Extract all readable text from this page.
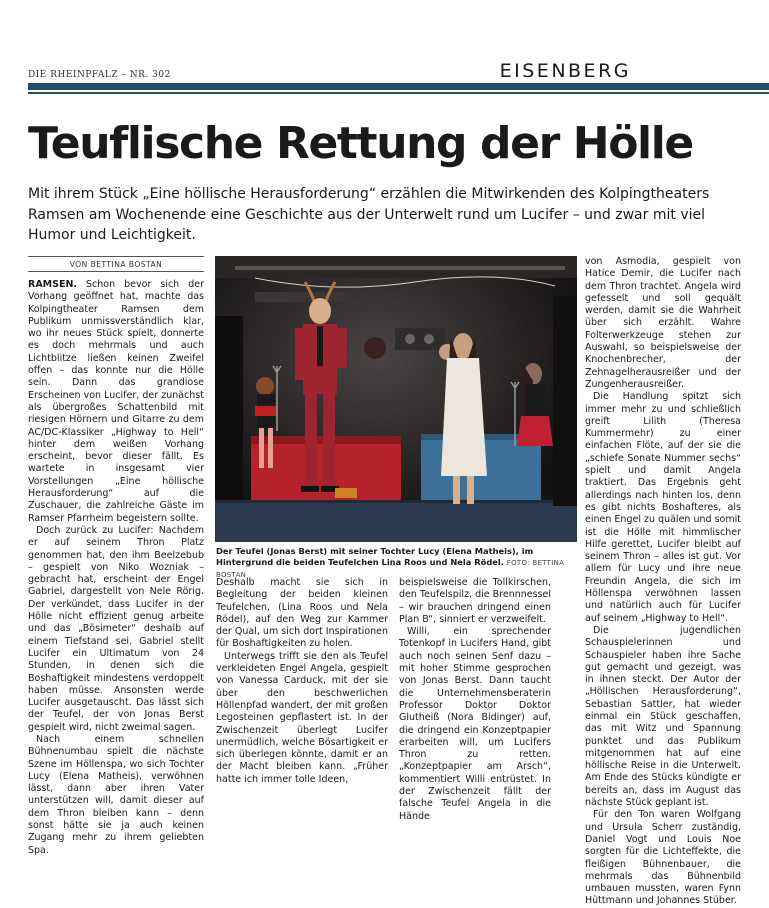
DIE RHEINPFALZ – NR. 302	EISENBERG
Teuflische Rettung der Hölle
Mit ihrem Stück „Eine höllische Herausforderung“ erzählen die Mitwirkenden des Kolpingtheaters Ramsen am Wochenende eine Geschichte aus der Unterwelt rund um Lucifer – und zwar mit viel Humor und Leichtigkeit.
VON BETTINA BOSTAN

RAMSEN. Schon bevor sich der Vorhang geöffnet hat, machte das Kolpingtheater Ramsen dem Publikum unmissverständlich klar, wo ihr neues Stück spielt, donnerte es doch mehrmals und auch Lichtblitze ließen keinen Zweifel offen – das konnte nur die Hölle sein. Dann das grandiose Erscheinen von Lucifer, der zunächst als übergroßes Schattenbild mit riesigen Hörnern und Gitarre zu dem AC/DC-Klassiker „Highway to Hell“ hinter dem weißen Vorhang erscheint, bevor dieser fällt. Es wartete in insgesamt vier Vorstellungen „Eine höllische Herausforderung“ auf die Zuschauer, die zahlreiche Gäste im Ramser Pfarrheim begeistern sollte.

Doch zurück zu Lucifer: Nachdem er auf seinem Thron Platz genommen hat, den ihm Beelzebub – gespielt von Niko Wozniak – gebracht hat, erscheint der Engel Gabriel, dargestellt von Nele Rörig. Der verkündet, dass Lucifer in der Hölle nicht effizient genug arbeite und das „Bösimeter“ deshalb auf einem Tiefstand sei. Gabriel stellt Lucifer ein Ultimatum von 24 Stunden, in denen sich die Boshaftigkeit mindestens verdoppelt haben müsse. Ansonsten werde Lucifer ausgetauscht. Das lässt sich der Teufel, der von Jonas Berst gespielt wird, nicht zweimal sagen.

Nach einem schnellen Bühnenumbau spielt die nächste Szene im Höllenspa, wo sich Tochter Lucy (Elena Matheis), verwöhnen lässt, dann aber ihren Vater unterstützen will, damit dieser auf dem Thron bleiben kann – denn sonst hätte sie ja auch keinen Zugang mehr zu ihrem geliebten Spa.

Der Teufel (Jonas Berst) mit seiner Tochter Lucy (Elena Matheis), im Hintergrund die beiden Teufelchen Lina Roos und Nela Rödel. FOTO: BETTINA BOSTAN

Deshalb macht sie sich in Begleitung der beiden kleinen Teufelchen, (Lina Roos und Nela Rödel), auf den Weg zur Kammer der Qual, um sich dort Inspirationen für Boshaftigkeiten zu holen.

Unterwegs trifft sie den als Teufel verkleideten Engel Angela, gespielt von Vanessa Carduck, mit der sie über den beschwerlichen Höllenpfad wandert, der mit großen Legosteinen gepflastert ist. In der Zwischenzeit überlegt Lucifer unermüdlich, welche Bösartigkeit er sich überlegen könnte, damit er an der Macht bleiben kann. „Früher hatte ich immer tolle Ideen,

beispielsweise die Tollkirschen, den Teufelspilz, die Brennnessel – wir brauchen dringend einen Plan B“, sinniert er verzweifelt.

Willi, ein sprechender Totenkopf in Lucifers Hand, gibt auch noch seinen Senf dazu – mit hoher Stimme gesprochen von Jonas Berst. Dann taucht die Unternehmensberaterin Professor Doktor Doktor Glutheiß (Nora Bidinger) auf, die dringend ein Konzeptpapier erarbeiten will, um Lucifers Thron zu retten. „Konzeptpapier am Arsch“, kommentiert Willi entrüstet. In der Zwischenzeit fällt der falsche Teufel Angela in die Hände

von Asmodia, gespielt von Hatice Demir, die Lucifer nach dem Thron trachtet. Angela wird gefesselt und soll gequält werden, damit sie die Wahrheit über sich erzählt. Wahre Folterwerkzeuge stehen zur Auswahl, so beispielsweise der Knochenbrecher, der Zehnagelherausreißer und der Zungenherausreißer.

Die Handlung spitzt sich immer mehr zu und schließlich greift Lilith (Theresa Kummermehr) zu einer einfachen Flöte, auf der sie die „schiefe Sonate Nummer sechs“ spielt und damit Angela traktiert. Das Ergebnis geht allerdings nach hinten los, denn es gibt nichts Boshafteres, als einen Engel zu quälen und somit ist die Hölle mit himmlischer Hilfe gerettet, Lucifer bleibt auf seinem Thron – alles ist gut. Vor allem für Lucy und ihre neue Freundin Angela, die sich im Höllenspa verwöhnen lassen und natürlich auch für Lucifer auf seinem „Highway to Hell“.

Die jugendlichen Schauspielerinnen und Schauspieler haben ihre Sache gut gemacht und gezeigt, was in ihnen steckt. Der Autor der „Höllischen Herausforderung“, Sebastian Sattler, hat wieder einmal ein Stück geschaffen, das mit Witz und Spannung punktet und das Publikum mitgenommen hat auf eine höllische Reise in die Unterwelt. Am Ende des Stücks kündigte er bereits an, dass im August das nächste Stück geplant ist.

Für den Ton waren Wolfgang und Ursula Scherr zuständig, Daniel Vogt und Louis Noe sorgten für die Lichteffekte, die fleißigen Bühnenbauer, die mehrmals das Bühnenbild umbauen mussten, waren Fynn Hüttmann und Johannes Stüber.
